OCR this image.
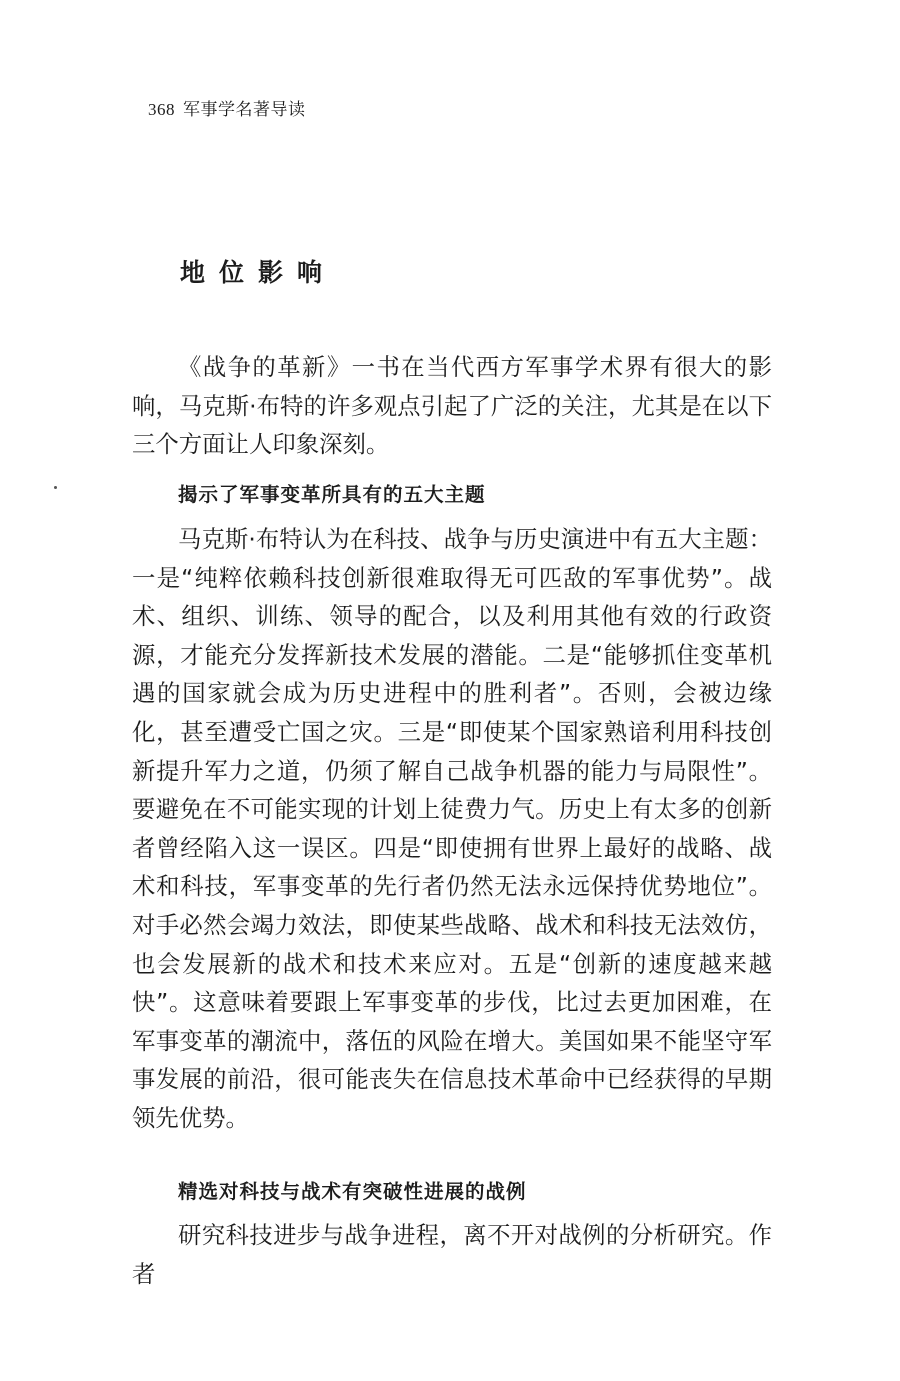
368 军事学名著导读
地位影响

《战争的革新》一书在当代西方军事学术界有很大的影响，马克斯·布特的许多观点引起了广泛的关注，尤其是在以下三个方面让人印象深刻。

揭示了军事变革所具有的五大主题

马克斯·布特认为在科技、战争与历史演进中有五大主题：一是“纯粹依赖科技创新很难取得无可匹敌的军事优势”。战术、组织、训练、领导的配合，以及利用其他有效的行政资源，才能充分发挥新技术发展的潜能。二是“能够抓住变革机遇的国家就会成为历史进程中的胜利者”。否则，会被边缘化，甚至遭受亡国之灾。三是“即使某个国家熟谙利用科技创新提升军力之道，仍须了解自己战争机器的能力与局限性”。要避免在不可能实现的计划上徒费力气。历史上有太多的创新者曾经陷入这一误区。四是“即使拥有世界上最好的战略、战术和科技，军事变革的先行者仍然无法永远保持优势地位”。对手必然会竭力效法，即使某些战略、战术和科技无法效仿，也会发展新的战术和技术来应对。五是“创新的速度越来越快”。这意味着要跟上军事变革的步伐，比过去更加困难，在军事变革的潮流中，落伍的风险在增大。美国如果不能坚守军事发展的前沿，很可能丧失在信息技术革命中已经获得的早期领先优势。

精选对科技与战术有突破性进展的战例

研究科技进步与战争进程，离不开对战例的分析研究。作者
